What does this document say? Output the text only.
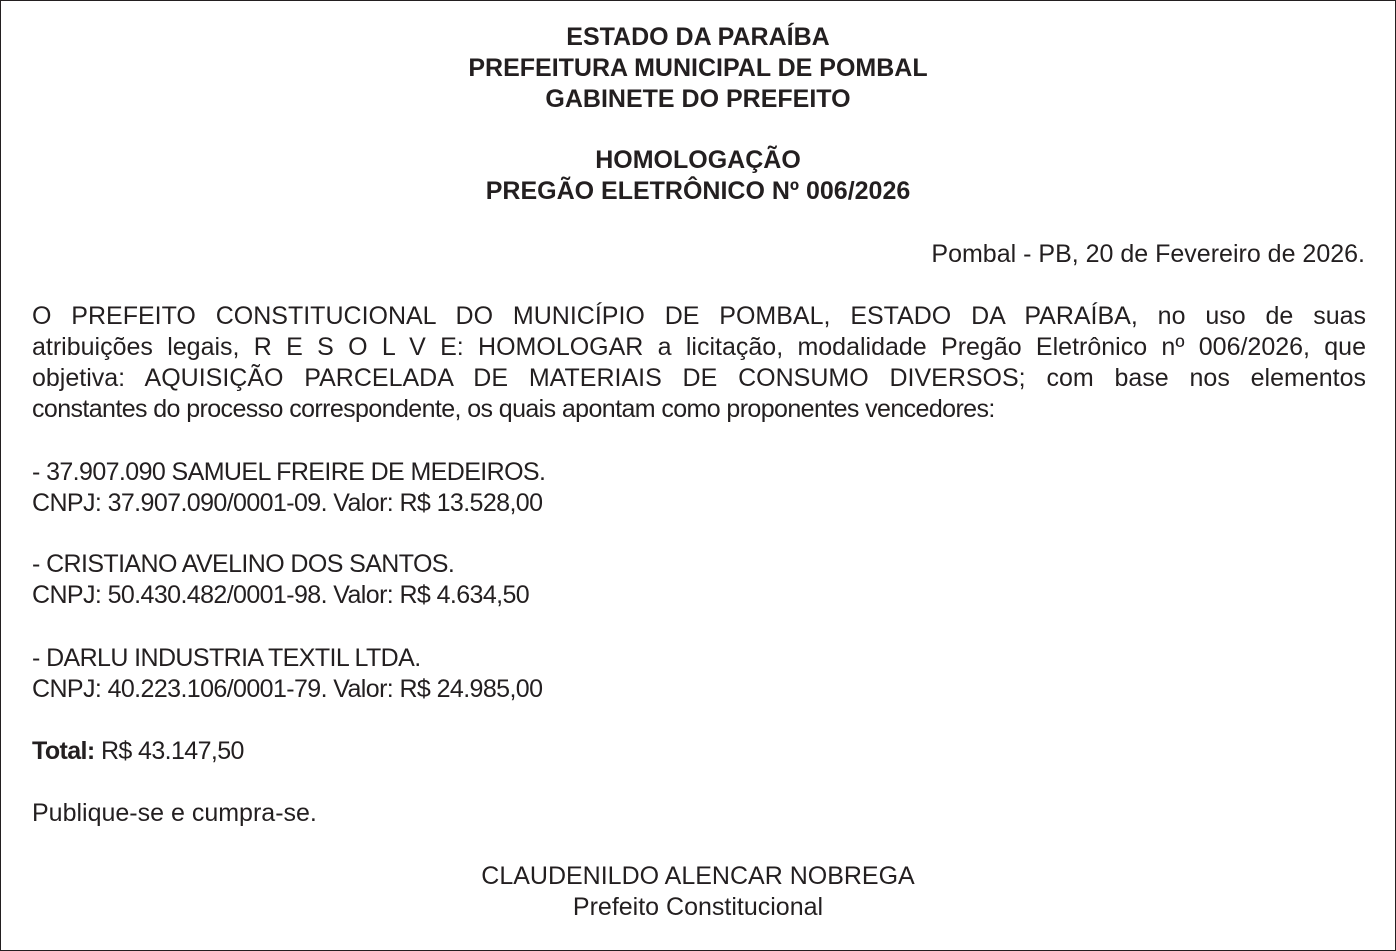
ESTADO DA PARAÍBA
PREFEITURA MUNICIPAL DE POMBAL
GABINETE DO PREFEITO
HOMOLOGAÇÃO
PREGÃO ELETRÔNICO Nº 006/2026
Pombal - PB, 20 de Fevereiro de 2026.
O PREFEITO CONSTITUCIONAL DO MUNICÍPIO DE POMBAL, ESTADO DA PARAÍBA, no uso de suas
atribuições legais, R E S O L V E: HOMOLOGAR a licitação, modalidade Pregão Eletrônico nº 006/2026, que
objetiva: AQUISIÇÃO PARCELADA DE MATERIAIS DE CONSUMO DIVERSOS; com base nos elementos
constantes do processo correspondente, os quais apontam como proponentes vencedores:
- 37.907.090 SAMUEL FREIRE DE MEDEIROS.
CNPJ: 37.907.090/0001-09. Valor: R$ 13.528,00
- CRISTIANO AVELINO DOS SANTOS.
CNPJ: 50.430.482/0001-98. Valor: R$ 4.634,50
- DARLU INDUSTRIA TEXTIL LTDA.
CNPJ: 40.223.106/0001-79. Valor: R$ 24.985,00
Total: R$ 43.147,50
Publique-se e cumpra-se.
CLAUDENILDO ALENCAR NOBREGA
Prefeito Constitucional
